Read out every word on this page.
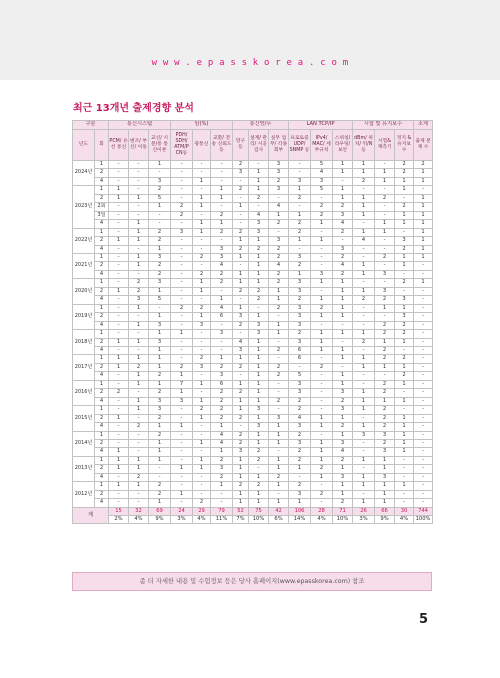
w w w . e p a s s k o r e a . c o m
최근 13개년 출제경향 분석
구분		통신시스템			암(%)			통신망/무			LAN TCP/IP			시험 및 유지보수			소계	
년도	회	PCM/ 유선 통신	변조/ 부신/ 이동	교신/ 시분/통 통신이론	PDH/ SDH/ ATM/P CN등	광통신	교환/ 전송 신뢰도등	망구 등	설계/ 관리/ 시공 검사	실무 업무/ 각종회부	프로토콜 UDP/ SNMP 등	IPv4/ MAC/ 세부규칙	스위칭/ 라우팅/ 보안	dBm/ 위치/ 뒤/N등	시험& 계측기	정지 & 유지보수	출제 분제 수	
2024년	1	-	-	1	-	-	-	2	-	3	-	5	1	1	-	2	2	
	2	-	-	-	-	-	-	3	1	3	-	4	1	1	1	2	1	
	4	-	-	3	-	1	-	-	1	2	3	3	-	2	1	1	1	
2023년	1	1	-	2	-	-	1	2	1	3	1	5	1	-	-	1	-	
	2	1	1	5	-	1	1	-	2	-	2	-	1	1	2	-	1	
	2회	-	-	1	2	1	-	1	-	4	-	2	2	1	-	2	1	
	3일	-	-	-	2	-	2	-	4	1	1	2	3	1	-	1	1	
	4	-	1	-	-	1	1	-	3	2	2	1	4	-	1	1	1	
2022년	1	-	1	2	3	1	2	2	3	-	2	-	2	1	1	-	1	
	2	1	1	2	-	-	-	1	1	3	1	1	-	4	-	3	1	
	4	-	-	1	-	-	3	2	2	2	-	-	3	-	-	2	1	
2021년	1	-	1	3	-	2	3	1	1	2	3	-	2	-	2	1	1	
	2	-	1	2	-	-	4	-	1	4	2	-	4	1	-	1	-	
	4	-	-	2	-	2	2	1	1	2	1	3	2	1	3	-	-	
2020년	1	-	2	3	-	1	2	1	1	2	3	1	1	-	-	2	1	
	2	1	2	1	-	1	-	2	2	1	3	-	1	1	3	-	-	
	4	-	3	5	-	-	1	-	2	1	2	1	1	2	2	3	-	
2019년	1	-	1	-	2	2	4	1	-	2	3	2	1	-	1	1	-	
	2	-	-	1	-	1	6	3	1	-	3	1	1	-	-	3	-	
	4	-	1	3	-	3	-	2	3	1	3	-	-	-	2	2	-	
2018년	1	-	-	1	1	-	3	-	3	1	2	1	1	1	2	2	-	
	2	1	1	3	-	-	-	4	1	-	3	1	-	2	1	1	-	
	4	-	-	1	-	-	-	3	1	2	6	1	1	-	2	-	-	
2017년	1	1	1	1	-	2	1	1	1	-	6	-	1	1	2	2	-	
	2	1	2	1	2	3	2	2	1	2	-	2	-	1	1	1	-	
	4	-	1	2	1	-	3	-	1	2	5	-	1	-	-	2	-	
2016년	1	-	1	1	7	1	6	1	1	-	3	-	1	-	2	1	-	
	2	2	-	2	1	-	2	2	1	-	3	-	3	1	2	-	-	
	4	-	1	3	3	1	2	1	1	2	2	-	2	1	1	1	-	
2015년	1	-	1	3	-	2	2	1	3	-	2	-	3	1	2	-	-	
	2	1	-	2	-	1	2	2	1	3	4	1	1	-	2	1	-	
	4	-	2	1	1	-	1	-	3	1	3	1	2	1	2	1	-	
2014년	1	-	-	2	-	-	4	2	1	1	2	-	1	3	3	1	-	
	2	-	-	1	-	1	4	2	1	1	3	1	3	-	2	1	-	
	4	1	-	1	-	-	1	3	2	-	2	1	4	-	3	1	-	
2013년	1	1	1	1	-	1	2	1	2	1	2	1	2	1	1	-	-	
	2	1	1	-	1	1	3	1	-	1	1	2	1	-	1	-	-	
	4	-	2	-	-	-	2	1	1	2	-	1	3	1	3	-	-	
2012년	1	1	1	2	-	-	1	2	2	1	2	-	1	1	1	1	-	
	2	-	-	2	1	-	-	1	1	-	3	2	1	-	1	-	-	
	4	-	-	1	-	2	-	1	1	1	1	-	2	1	1	-	-	
계		15	32	69	24	29	79	52	75	42	106	28	71	26	66	30	744	
		2%	4%	9%	3%	4%	11%	7%	10%	6%	14%	4%	10%	3%	9%	4%	100%	
좀 더 자세한 내용 및 수험정보 등은 당사 홈페이지(www.epasskorea.com) 참조
5
